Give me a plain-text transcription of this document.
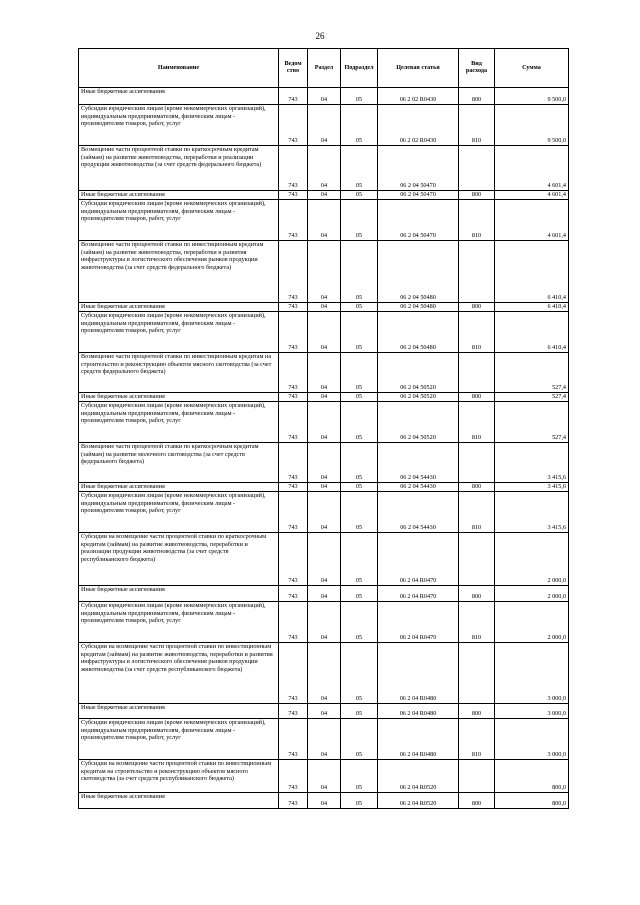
26
Наименование	Ведом ство	Раздел	Подраздел	Целевая статья	Вид расхода	Сумма
Иные бюджетные ассигнования	743	04	05	06 2 02 R0430	800	9 500,0
Субсидии юридическим лицам (кроме некоммерческих организаций), индивидуальным предпринимателям, физическим лицам - производителям товаров, работ, услуг	743	04	05	06 2 02 R0430	810	9 500,0
Возмещение части процентной ставки по краткосрочным кредитам (займам) на развитие животноводства, переработки и реализации продукции животноводства (за счет средств федерального бюджета)	743	04	05	06 2 04 50470		4 601,4
Иные бюджетные ассигнования	743	04	05	06 2 04 50470	800	4 601,4
Субсидии юридическим лицам (кроме некоммерческих организаций), индивидуальным предпринимателям, физическим лицам - производителям товаров, работ, услуг	743	04	05	06 2 04 50470	810	4 601,4
Возмещение части процентной ставки по инвестиционным кредитам (займам) на развитие животноводства, переработки и развития инфраструктуры и логистического обеспечения рынков продукции животноводства (за счет средств федерального бюджета)	743	04	05	06 2 04 50480		6 410,4
Иные бюджетные ассигнования	743	04	05	06 2 04 50480	800	6 410,4
Субсидии юридическим лицам (кроме некоммерческих организаций), индивидуальным предпринимателям, физическим лицам - производителям товаров, работ, услуг	743	04	05	06 2 04 50480	810	6 410,4
Возмещение части процентной ставки по инвестиционным кредитам на строительство и реконструкцию объектов мясного скотоводства (за счет средств федерального бюджета)	743	04	05	06 2 04 50520		527,4
Иные бюджетные ассигнования	743	04	05	06 2 04 50520	800	527,4
Субсидии юридическим лицам (кроме некоммерческих организаций), индивидуальным предпринимателям, физическим лицам - производителям товаров, работ, услуг	743	04	05	06 2 04 50520	810	527,4
Возмещение части процентной ставки по краткосрочным кредитам (займам) на развитие молочного скотоводства (за счет средств федерального бюджета)	743	04	05	06 2 04 54430		3 415,6
Иные бюджетные ассигнования	743	04	05	06 2 04 54430	800	3 415,6
Субсидии юридическим лицам (кроме некоммерческих организаций), индивидуальным предпринимателям, физическим лицам - производителям товаров, работ, услуг	743	04	05	06 2 04 54430	810	3 415,6
Субсидии на возмещение части процентной ставки по краткосрочным кредитам (займам) на развитие животноводства, переработки и реализации продукции животноводства (за счет средств республиканского бюджета)	743	04	05	06 2 04 R0470		2 000,0
Иные бюджетные ассигнования	743	04	05	06 2 04 R0470	800	2 000,0
Субсидии юридическим лицам (кроме некоммерческих организаций), индивидуальным предпринимателям, физическим лицам - производителям товаров, работ, услуг	743	04	05	06 2 04 R0470	810	2 000,0
Субсидии на возмещение части процентной ставки по инвестиционным кредитам (займам) на развитие животноводства, переработки и развития инфраструктуры и логистического обеспечения рынков продукции животноводства (за счет средств республиканского бюджета)	743	04	05	06 2 04 R0480		3 000,0
Иные бюджетные ассигнования	743	04	05	06 2 04 R0480	800	3 000,0
Субсидии юридическим лицам (кроме некоммерческих организаций), индивидуальным предпринимателям, физическим лицам - производителям товаров, работ, услуг	743	04	05	06 2 04 R0480	810	3 000,0
Субсидии на возмещение части процентной ставки по инвестиционным кредитам на строительство и реконструкцию объектов мясного скотоводства (за счет средств республиканского бюджета)	743	04	05	06 2 04 R0520		800,0
Иные бюджетные ассигнования	743	04	05	06 2 04 R0520	800	800,0
